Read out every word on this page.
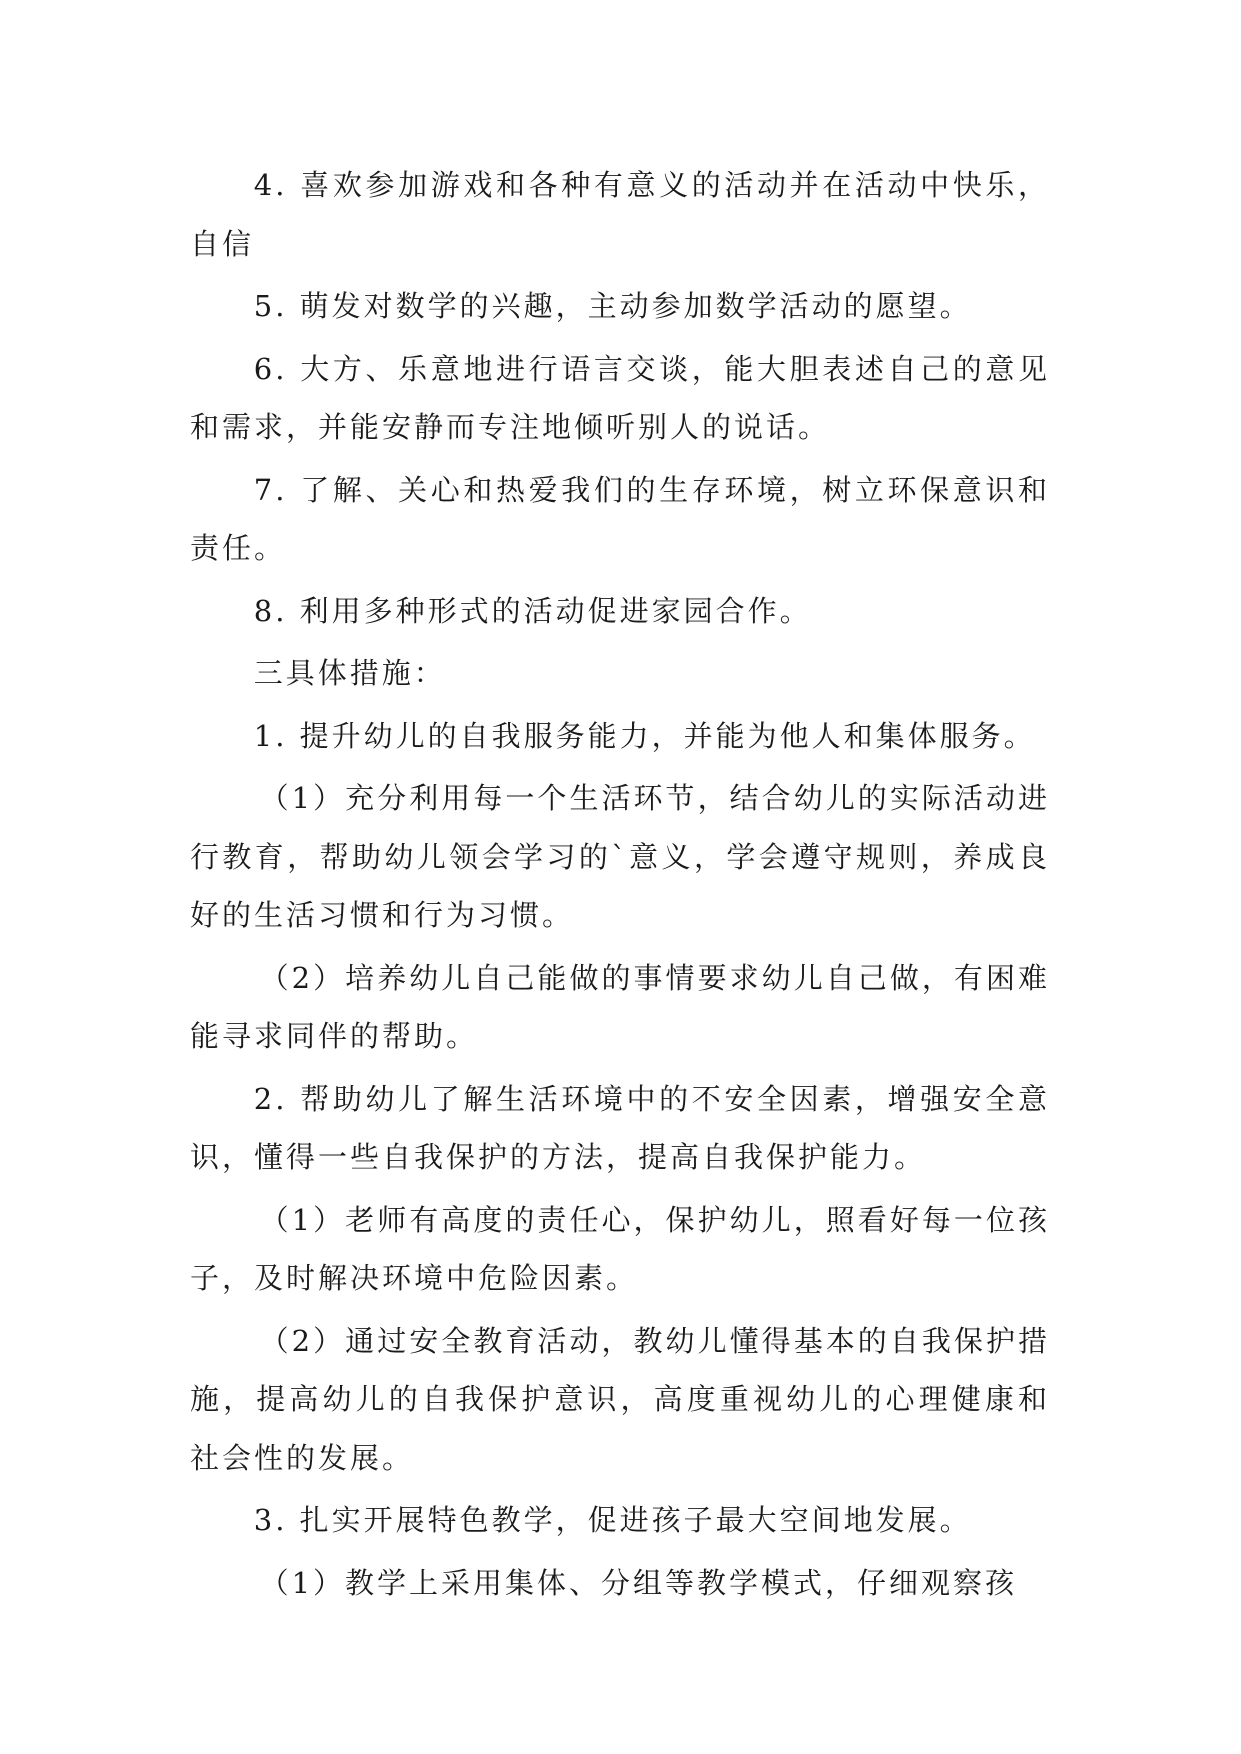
4. 喜欢参加游戏和各种有意义的活动并在活动中快乐，自信

5. 萌发对数学的兴趣，主动参加数学活动的愿望。

6. 大方、乐意地进行语言交谈，能大胆表述自己的意见和需求，并能安静而专注地倾听别人的说话。

7. 了解、关心和热爱我们的生存环境，树立环保意识和责任。

8. 利用多种形式的活动促进家园合作。

三具体措施：

1. 提升幼儿的自我服务能力，并能为他人和集体服务。

（1）充分利用每一个生活环节，结合幼儿的实际活动进行教育，帮助幼儿领会学习的`意义，学会遵守规则，养成良好的生活习惯和行为习惯。

（2）培养幼儿自己能做的事情要求幼儿自己做，有困难能寻求同伴的帮助。

2. 帮助幼儿了解生活环境中的不安全因素，增强安全意识，懂得一些自我保护的方法，提高自我保护能力。

（1）老师有高度的责任心，保护幼儿，照看好每一位孩子，及时解决环境中危险因素。

（2）通过安全教育活动，教幼儿懂得基本的自我保护措施，提高幼儿的自我保护意识，高度重视幼儿的心理健康和社会性的发展。

3. 扎实开展特色教学，促进孩子最大空间地发展。

（1）教学上采用集体、分组等教学模式，仔细观察孩
